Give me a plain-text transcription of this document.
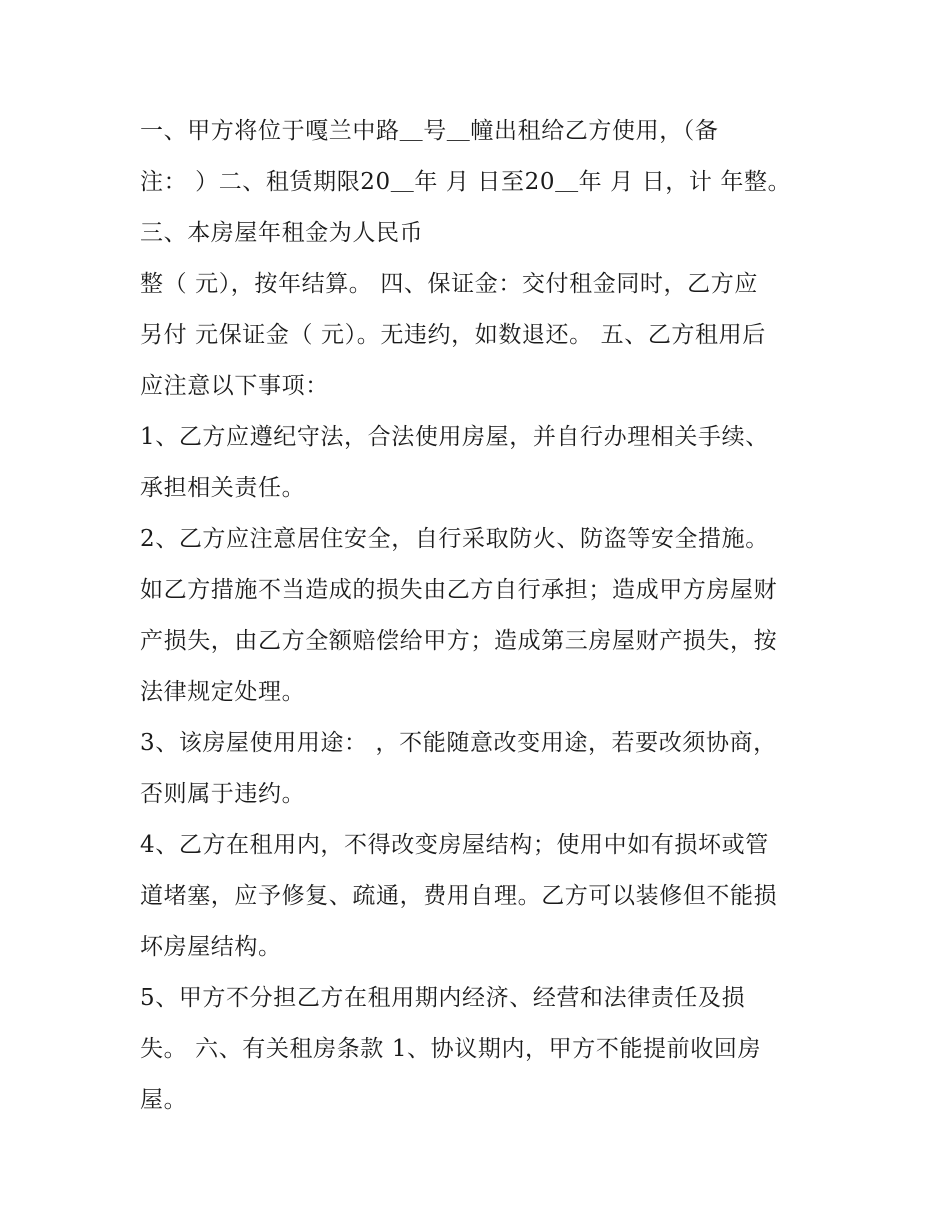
一、甲方将位于嘎兰中路＿号＿幢出租给乙方使用，（备
注： ）二、租赁期限20＿年 月 日至20＿年 月 日，计 年整。
三、本房屋年租金为人民币
整（ 元），按年结算。 四、保证金：交付租金同时，乙方应
另付 元保证金（ 元）。无违约，如数退还。 五、乙方租用后
应注意以下事项：
1、乙方应遵纪守法，合法使用房屋，并自行办理相关手续、
承担相关责任。
2、乙方应注意居住安全，自行采取防火、防盗等安全措施。
如乙方措施不当造成的损失由乙方自行承担；造成甲方房屋财
产损失，由乙方全额赔偿给甲方；造成第三房屋财产损失，按
法律规定处理。
3、该房屋使用用途： ，不能随意改变用途，若要改须协商，
否则属于违约。
4、乙方在租用内，不得改变房屋结构；使用中如有损坏或管
道堵塞，应予修复、疏通，费用自理。乙方可以装修但不能损
坏房屋结构。
5、甲方不分担乙方在租用期内经济、经营和法律责任及损
失。 六、有关租房条款 1、协议期内，甲方不能提前收回房
屋。
